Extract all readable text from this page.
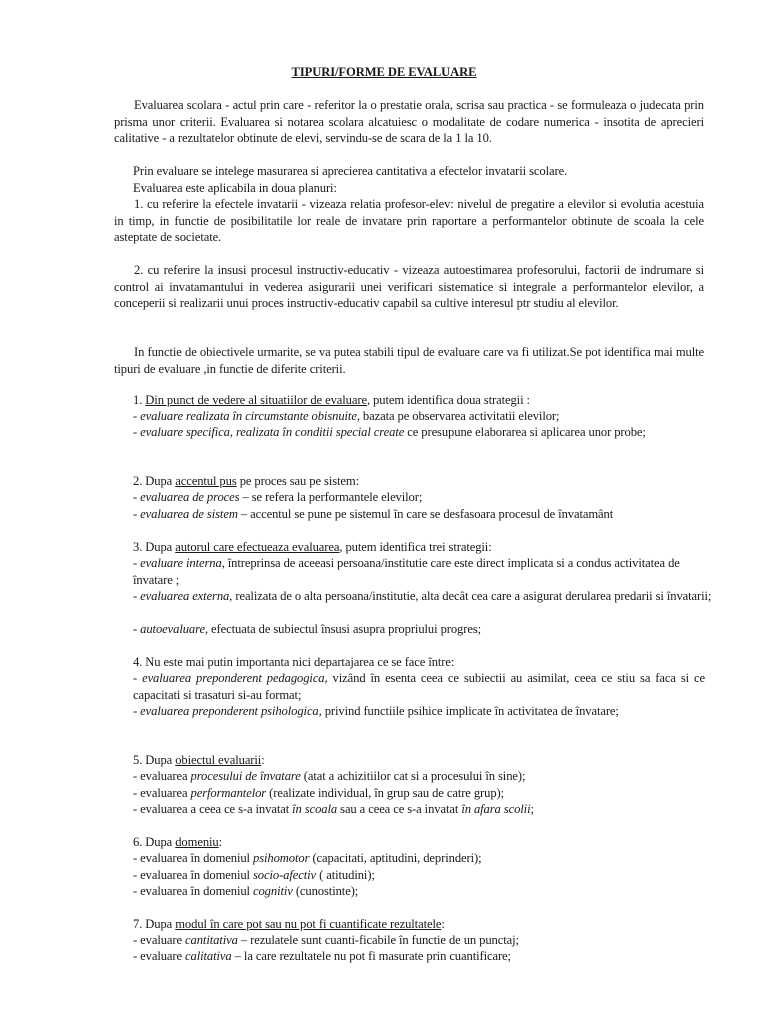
TIPURI/FORME DE EVALUARE

Evaluarea scolara - actul prin care - referitor la o prestatie orala, scrisa sau practica - se formuleaza o judecata prin prisma unor criterii. Evaluarea si notarea scolara alcatuiesc o modalitate de codare numerica - insotita de aprecieri calitative - a rezultatelor obtinute de elevi, servindu-se de scara de la 1 la 10.

Prin evaluare se intelege masurarea si aprecierea cantitativa a efectelor invatarii scolare.

Evaluarea este aplicabila in doua planuri:

1. cu referire la efectele invatarii - vizeaza relatia profesor-elev: nivelul de pregatire a elevilor si evolutia acestuia in timp, in functie de posibilitatile lor reale de invatare prin raportare a performantelor obtinute de scoala la cele asteptate de societate.

2. cu referire la insusi procesul instructiv-educativ - vizeaza autoestimarea profesorului, factorii de indrumare si control ai invatamantului in vederea asigurarii unei verificari sistematice si integrale a performantelor elevilor, a conceperii si realizarii unui proces instructiv-educativ capabil sa cultive interesul ptr studiu al elevilor.

In functie de obiectivele urmarite, se va putea stabili tipul de evaluare care va fi utilizat.Se pot identifica mai multe tipuri de evaluare ,in functie de diferite criterii.

1. Din punct de vedere al situatiilor de evaluare, putem identifica doua strategii :
- evaluare realizata în circumstante obisnuite, bazata pe observarea activitatii elevilor;
- evaluare specifica, realizata în conditii special create ce presupune elaborarea si aplicarea unor probe;
2. Dupa accentul pus pe proces sau pe sistem:
- evaluarea de proces – se refera la performantele elevilor;
- evaluarea de sistem – accentul se pune pe sistemul în care se desfasoara procesul de învatamânt
3. Dupa autorul care efectueaza evaluarea, putem identifica trei strategii:
- evaluare interna, întreprinsa de aceeasi persoana/institutie care este direct implicata si a condus activitatea de învatare ;
- evaluarea externa, realizata de o alta persoana/institutie, alta decât cea care a asigurat derularea predarii si învatarii;
- autoevaluare, efectuata de subiectul însusi asupra propriului progres;
4. Nu este mai putin importanta nici departajarea ce se face între:
- evaluarea preponderent pedagogica, vizând în esenta ceea ce subiectii au asimilat, ceea ce stiu sa faca si ce capacitati si trasaturi si-au format;
- evaluarea preponderent psihologica, privind functiile psihice implicate în activitatea de învatare;
5. Dupa obiectul evaluarii:
- evaluarea procesului de învatare (atat a achizitiilor cat si a procesului în sine);
- evaluarea performantelor (realizate individual, în grup sau de catre grup);
- evaluarea a ceea ce s-a invatat în scoala sau a ceea ce s-a invatat în afara scolii;
6. Dupa domeniu:
- evaluarea în domeniul psihomotor (capacitati, aptitudini, deprinderi);
- evaluarea în domeniul socio-afectiv ( atitudini);
- evaluarea în domeniul cognitiv (cunostinte);
7. Dupa modul în care pot sau nu pot fi cuantificate rezultatele:
- evaluare cantitativa – rezulatele sunt cuanti-ficabile în functie de un punctaj;
- evaluare calitativa – la care rezultatele nu pot fi masurate prin cuantificare;
